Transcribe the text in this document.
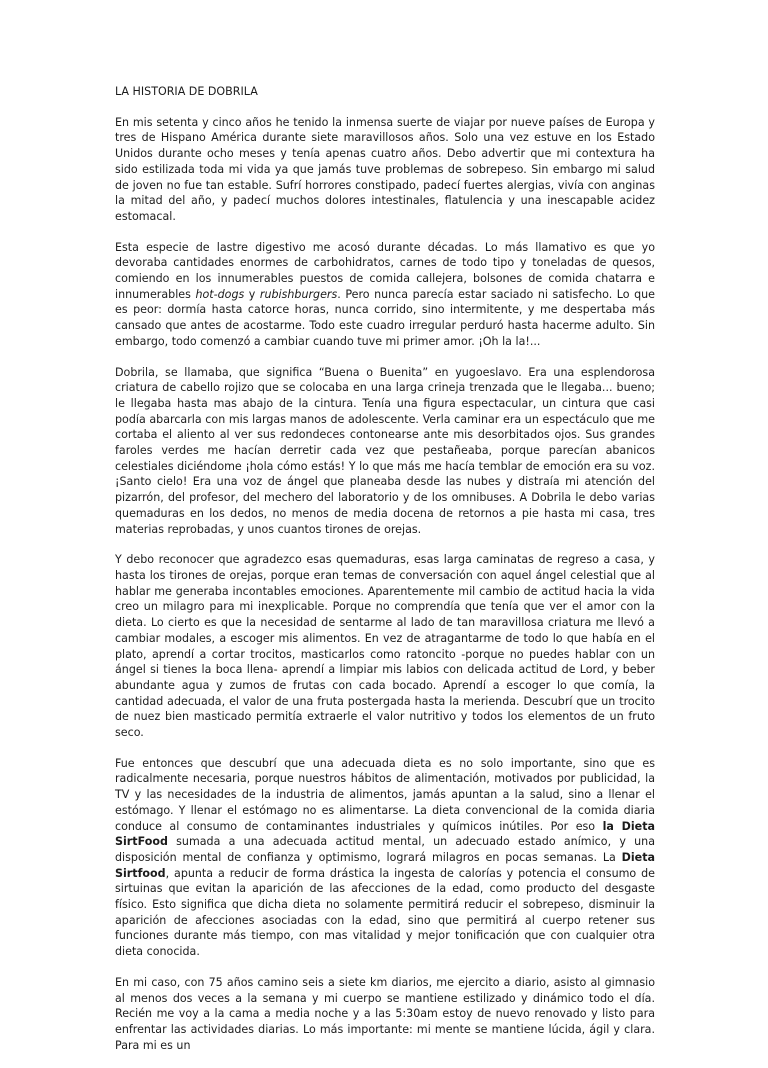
LA HISTORIA DE DOBRILA

En mis setenta y cinco años he tenido la inmensa suerte de viajar por nueve países de Europa y tres de Hispano América durante siete maravillosos años. Solo una vez estuve en los Estado Unidos durante ocho meses y tenía apenas cuatro años. Debo advertir que mi contextura ha sido estilizada toda mi vida ya que jamás tuve problemas de sobrepeso. Sin embargo mi salud de joven no fue tan estable. Sufrí horrores constipado, padecí fuertes alergias, vivía con anginas la mitad del año, y padecí muchos dolores intestinales, flatulencia y una inescapable acidez estomacal.

Esta especie de lastre digestivo me acosó durante décadas. Lo más llamativo es que yo devoraba cantidades enormes de carbohidratos, carnes de todo tipo y toneladas de quesos, comiendo en los innumerables puestos de comida callejera, bolsones de comida chatarra e innumerables hot-dogs y rubishburgers. Pero nunca parecía estar saciado ni satisfecho. Lo que es peor: dormía hasta catorce horas, nunca corrido, sino intermitente, y me despertaba más cansado que antes de acostarme. Todo este cuadro irregular perduró hasta hacerme adulto. Sin embargo, todo comenzó a cambiar cuando tuve mi primer amor. ¡Oh la la!...

Dobrila, se llamaba, que significa “Buena o Buenita” en yugoeslavo. Era una esplendorosa criatura de cabello rojizo que se colocaba en una larga crineja trenzada que le llegaba... bueno; le llegaba hasta mas abajo de la cintura. Tenía una figura espectacular, un cintura que casi podía abarcarla con mis largas manos de adolescente. Verla caminar era un espectáculo que me cortaba el aliento al ver sus redondeces contonearse ante mis desorbitados ojos. Sus grandes faroles verdes me hacían derretir cada vez que pestañeaba, porque parecían abanicos celestiales diciéndome ¡hola cómo estás! Y lo que más me hacía temblar de emoción era su voz. ¡Santo cielo! Era una voz de ángel que planeaba desde las nubes y distraía mi atención del pizarrón, del profesor, del mechero del laboratorio y de los omnibuses. A Dobrila le debo varias quemaduras en los dedos, no menos de media docena de retornos a pie hasta mi casa, tres materias reprobadas, y unos cuantos tirones de orejas.

Y debo reconocer que agradezco esas quemaduras, esas larga caminatas de regreso a casa, y hasta los tirones de orejas, porque eran temas de conversación con aquel ángel celestial que al hablar me generaba incontables emociones. Aparentemente mil cambio de actitud hacia la vida creo un milagro para mi inexplicable. Porque no comprendía que tenía que ver el amor con la dieta. Lo cierto es que la necesidad de sentarme al lado de tan maravillosa criatura me llevó a cambiar modales, a escoger mis alimentos. En vez de atragantarme de todo lo que había en el plato, aprendí a cortar trocitos, masticarlos como ratoncito -porque no puedes hablar con un ángel si tienes la boca llena- aprendí a limpiar mis labios con delicada actitud de Lord, y beber abundante agua y zumos de frutas con cada bocado. Aprendí a escoger lo que comía, la cantidad adecuada, el valor de una fruta postergada hasta la merienda. Descubrí que un trocito de nuez bien masticado permitía extraerle el valor nutritivo y todos los elementos de un fruto seco.

Fue entonces que descubrí que una adecuada dieta es no solo importante, sino que es radicalmente necesaria, porque nuestros hábitos de alimentación, motivados por publicidad, la TV y las necesidades de la industria de alimentos, jamás apuntan a la salud, sino a llenar el estómago. Y llenar el estómago no es alimentarse. La dieta convencional de la comida diaria conduce al consumo de contaminantes industriales y químicos inútiles. Por eso la Dieta SirtFood sumada a una adecuada actitud mental, un adecuado estado anímico, y una disposición mental de confianza y optimismo, logrará milagros en pocas semanas. La Dieta Sirtfood, apunta a reducir de forma drástica la ingesta de calorías y potencia el consumo de sirtuinas que evitan la aparición de las afecciones de la edad, como producto del desgaste físico. Esto significa que dicha dieta no solamente permitirá reducir el sobrepeso, disminuir la aparición de afecciones asociadas con la edad, sino que permitirá al cuerpo retener sus funciones durante más tiempo, con mas vitalidad y mejor tonificación que con cualquier otra dieta conocida.

En mi caso, con 75 años camino seis a siete km diarios, me ejercito a diario, asisto al gimnasio al menos dos veces a la semana y mi cuerpo se mantiene estilizado y dinámico todo el día. Recién me voy a la cama a media noche y a las 5:30am estoy de nuevo renovado y listo para enfrentar las actividades diarias. Lo más importante: mi mente se mantiene lúcida, ágil y clara. Para mi es un
